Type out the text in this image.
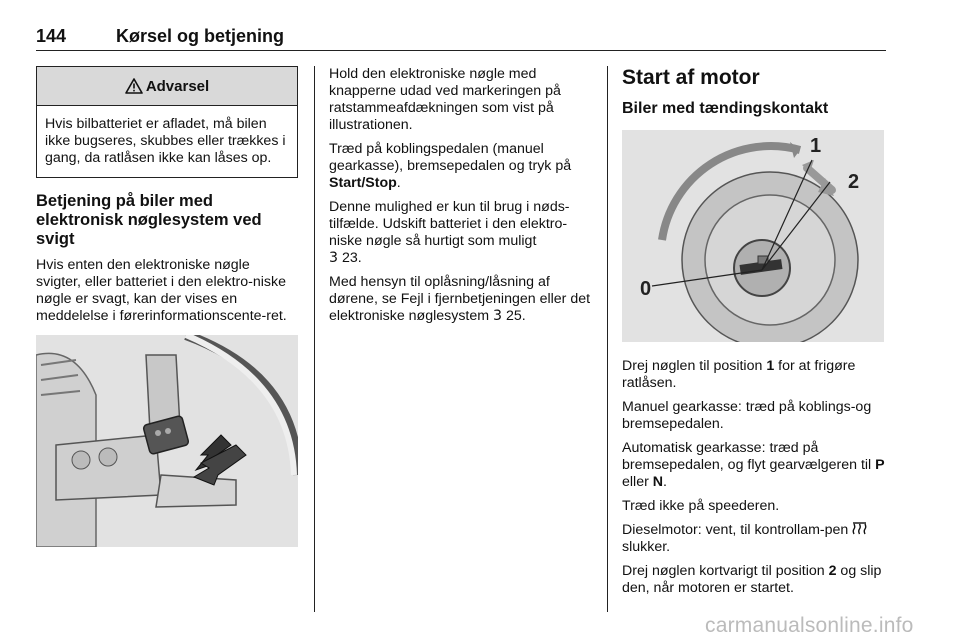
144	Kørsel og betjening
Advarsel
Hvis bilbatteriet er afladet, må bilen ikke bugseres, skubbes eller trækkes i gang, da ratlåsen ikke kan låses op.
Betjening på biler med elektronisk nøglesystem ved svigt

Hvis enten den elektroniske nøgle svigter, eller batteriet i den elektro-niske nøgle er svagt, kan der vises en meddelelse i førerinformationscente-ret.

Hold den elektroniske nøgle med knapperne udad ved markeringen på ratstammeafdækningen som vist på illustrationen.

Træd på koblingspedalen (manuel gearkasse), bremsepedalen og tryk på Start/Stop.

Denne mulighed er kun til brug i nøds-tilfælde. Udskift batteriet i den elektro-niske nøgle så hurtigt som muligt
3 23.

Med hensyn til oplåsning/låsning af dørene, se Fejl i fjernbetjeningen eller det elektroniske nøglesystem 3 25.

Start af motor
Biler med tændingskontakt
0
1
2

Drej nøglen til position 1 for at frigøre ratlåsen.

Manuel gearkasse: træd på koblings-og bremsepedalen.

Automatisk gearkasse: træd på bremsepedalen, og flyt gearvælgeren til P eller N.

Træd ikke på speederen.

Dieselmotor: vent, til kontrollam-pen  slukker.

Drej nøglen kortvarigt til position 2 og slip den, når motoren er startet.

carmanualsonline.info
